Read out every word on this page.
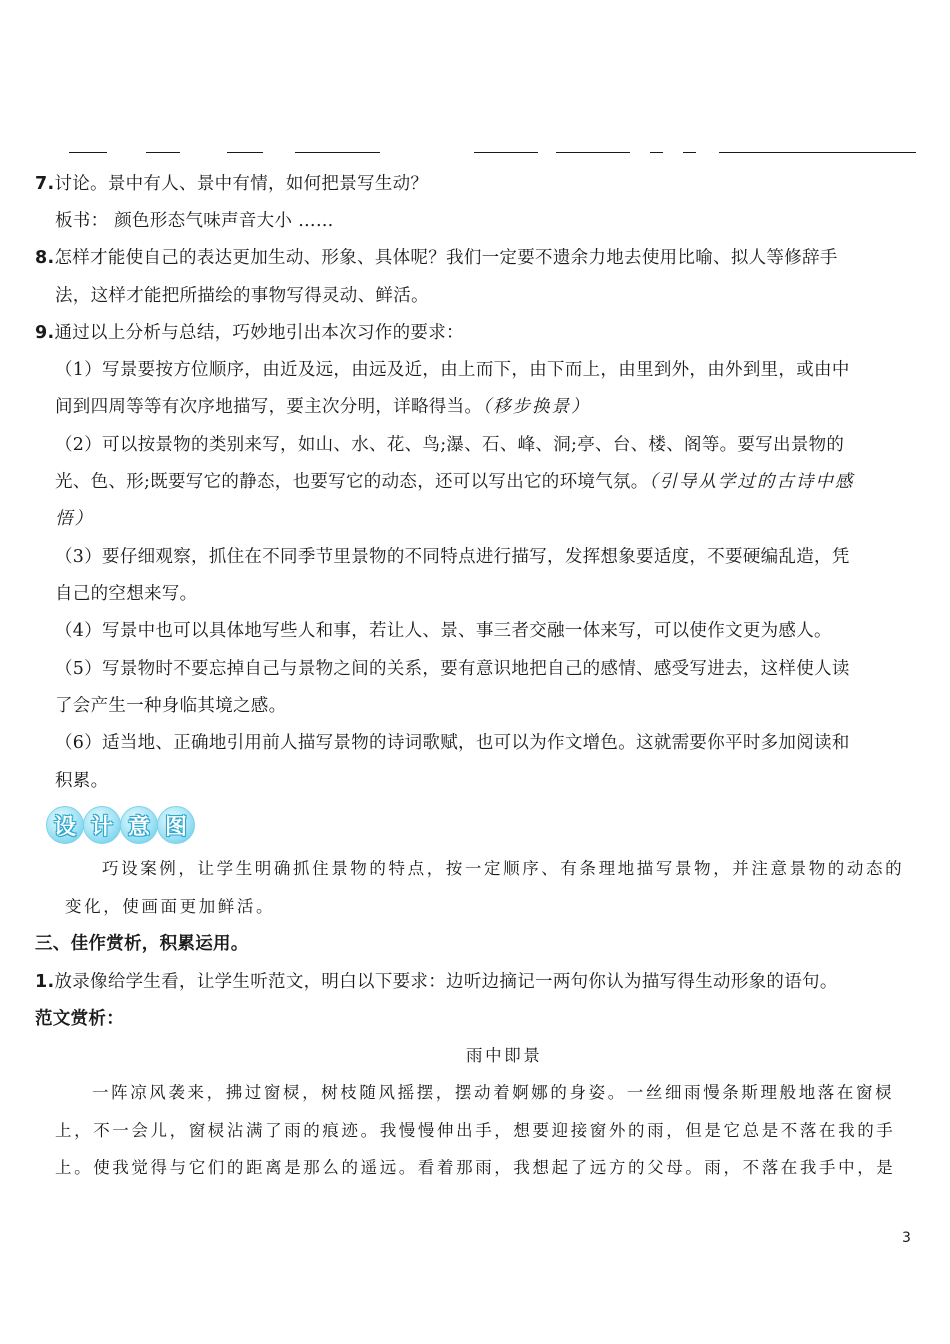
7.讨论。景中有人、景中有情，如何把景写生动？
板书： 颜色形态气味声音大小 ……
8.怎样才能使自己的表达更加生动、形象、具体呢？我们一定要不遗余力地去使用比喻、拟人等修辞手
法，这样才能把所描绘的事物写得灵动、鲜活。
9.通过以上分析与总结，巧妙地引出本次习作的要求：
（1）写景要按方位顺序，由近及远，由远及近，由上而下，由下而上，由里到外，由外到里，或由中
间到四周等等有次序地描写，要主次分明，详略得当。（移步换景）
（2）可以按景物的类别来写，如山、水、花、鸟;瀑、石、峰、洞;亭、台、楼、阁等。要写出景物的
光、色、形;既要写它的静态，也要写它的动态，还可以写出它的环境气氛。（引导从学过的古诗中感
悟）
（3）要仔细观察，抓住在不同季节里景物的不同特点进行描写，发挥想象要适度，不要硬编乱造，凭
自己的空想来写。
（4）写景中也可以具体地写些人和事，若让人、景、事三者交融一体来写，可以使作文更为感人。
（5）写景物时不要忘掉自己与景物之间的关系，要有意识地把自己的感情、感受写进去，这样使人读
了会产生一种身临其境之感。
（6）适当地、正确地引用前人描写景物的诗词歌赋，也可以为作文增色。这就需要你平时多加阅读和
积累。
设 计 意 图
巧设案例，让学生明确抓住景物的特点，按一定顺序、有条理地描写景物，并注意景物的动态的
变化，使画面更加鲜活。
三、佳作赏析，积累运用。
1.放录像给学生看，让学生听范文，明白以下要求：边听边摘记一两句你认为描写得生动形象的语句。
范文赏析：
雨中即景
一阵凉风袭来，拂过窗棂，树枝随风摇摆，摆动着婀娜的身姿。一丝细雨慢条斯理般地落在窗棂
上，不一会儿，窗棂沾满了雨的痕迹。我慢慢伸出手，想要迎接窗外的雨，但是它总是不落在我的手
上。使我觉得与它们的距离是那么的遥远。看着那雨，我想起了远方的父母。雨，不落在我手中，是
3
